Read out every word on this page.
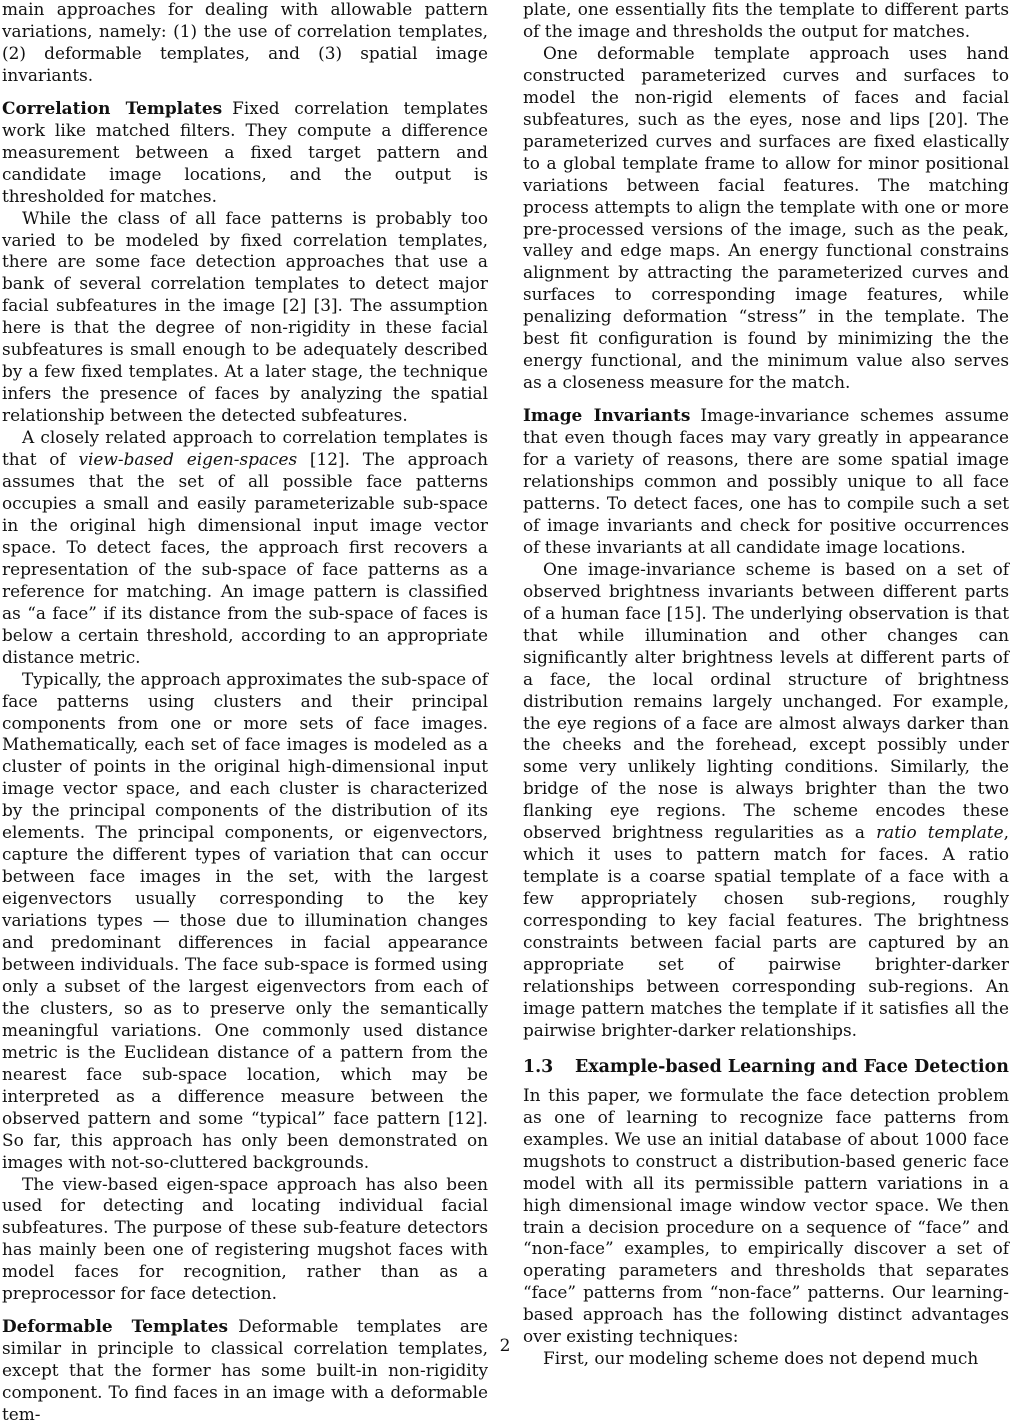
main approaches for dealing with allowable pattern variations, namely: (1) the use of correlation templates, (2) deformable templates, and (3) spatial image invariants.

Correlation Templates Fixed correlation templates work like matched filters. They compute a difference measurement between a fixed target pattern and candidate image locations, and the output is thresholded for matches.

While the class of all face patterns is probably too varied to be modeled by fixed correlation templates, there are some face detection approaches that use a bank of several correlation templates to detect major facial subfeatures in the image [2] [3]. The assumption here is that the degree of non-rigidity in these facial subfeatures is small enough to be adequately described by a few fixed templates. At a later stage, the technique infers the presence of faces by analyzing the spatial relationship between the detected subfeatures.

A closely related approach to correlation templates is that of view-based eigen-spaces [12]. The approach assumes that the set of all possible face patterns occupies a small and easily parameterizable sub-space in the original high dimensional input image vector space. To detect faces, the approach first recovers a representation of the sub-space of face patterns as a reference for matching. An image pattern is classified as “a face” if its distance from the sub-space of faces is below a certain threshold, according to an appropriate distance metric.

Typically, the approach approximates the sub-space of face patterns using clusters and their principal components from one or more sets of face images. Mathematically, each set of face images is modeled as a cluster of points in the original high-dimensional input image vector space, and each cluster is characterized by the principal components of the distribution of its elements. The principal components, or eigenvectors, capture the different types of variation that can occur between face images in the set, with the largest eigenvectors usually corresponding to the key variations types — those due to illumination changes and predominant differences in facial appearance between individuals. The face sub-space is formed using only a subset of the largest eigenvectors from each of the clusters, so as to preserve only the semantically meaningful variations. One commonly used distance metric is the Euclidean distance of a pattern from the nearest face sub-space location, which may be interpreted as a difference measure between the observed pattern and some “typical” face pattern [12]. So far, this approach has only been demonstrated on images with not-so-cluttered backgrounds.

The view-based eigen-space approach has also been used for detecting and locating individual facial subfeatures. The purpose of these sub-feature detectors has mainly been one of registering mugshot faces with model faces for recognition, rather than as a preprocessor for face detection.

Deformable Templates Deformable templates are similar in principle to classical correlation templates, except that the former has some built-in non-rigidity component. To find faces in an image with a deformable tem-

plate, one essentially fits the template to different parts of the image and thresholds the output for matches.

One deformable template approach uses hand constructed parameterized curves and surfaces to model the non-rigid elements of faces and facial subfeatures, such as the eyes, nose and lips [20]. The parameterized curves and surfaces are fixed elastically to a global template frame to allow for minor positional variations between facial features. The matching process attempts to align the template with one or more pre-processed versions of the image, such as the peak, valley and edge maps. An energy functional constrains alignment by attracting the parameterized curves and surfaces to corresponding image features, while penalizing deformation “stress” in the template. The best fit configuration is found by minimizing the the energy functional, and the minimum value also serves as a closeness measure for the match.

Image Invariants Image-invariance schemes assume that even though faces may vary greatly in appearance for a variety of reasons, there are some spatial image relationships common and possibly unique to all face patterns. To detect faces, one has to compile such a set of image invariants and check for positive occurrences of these invariants at all candidate image locations.

One image-invariance scheme is based on a set of observed brightness invariants between different parts of a human face [15]. The underlying observation is that that while illumination and other changes can significantly alter brightness levels at different parts of a face, the local ordinal structure of brightness distribution remains largely unchanged. For example, the eye regions of a face are almost always darker than the cheeks and the forehead, except possibly under some very unlikely lighting conditions. Similarly, the bridge of the nose is always brighter than the two flanking eye regions. The scheme encodes these observed brightness regularities as a ratio template, which it uses to pattern match for faces. A ratio template is a coarse spatial template of a face with a few appropriately chosen sub-regions, roughly corresponding to key facial features. The brightness constraints between facial parts are captured by an appropriate set of pairwise brighter-darker relationships between corresponding sub-regions. An image pattern matches the template if it satisfies all the pairwise brighter-darker relationships.

1.3	Example-based Learning and Face Detection

In this paper, we formulate the face detection problem as one of learning to recognize face patterns from examples. We use an initial database of about 1000 face mugshots to construct a distribution-based generic face model with all its permissible pattern variations in a high dimensional image window vector space. We then train a decision procedure on a sequence of “face” and “non-face” examples, to empirically discover a set of operating parameters and thresholds that separates “face” patterns from “non-face” patterns. Our learning-based approach has the following distinct advantages over existing techniques:

First, our modeling scheme does not depend much

2
